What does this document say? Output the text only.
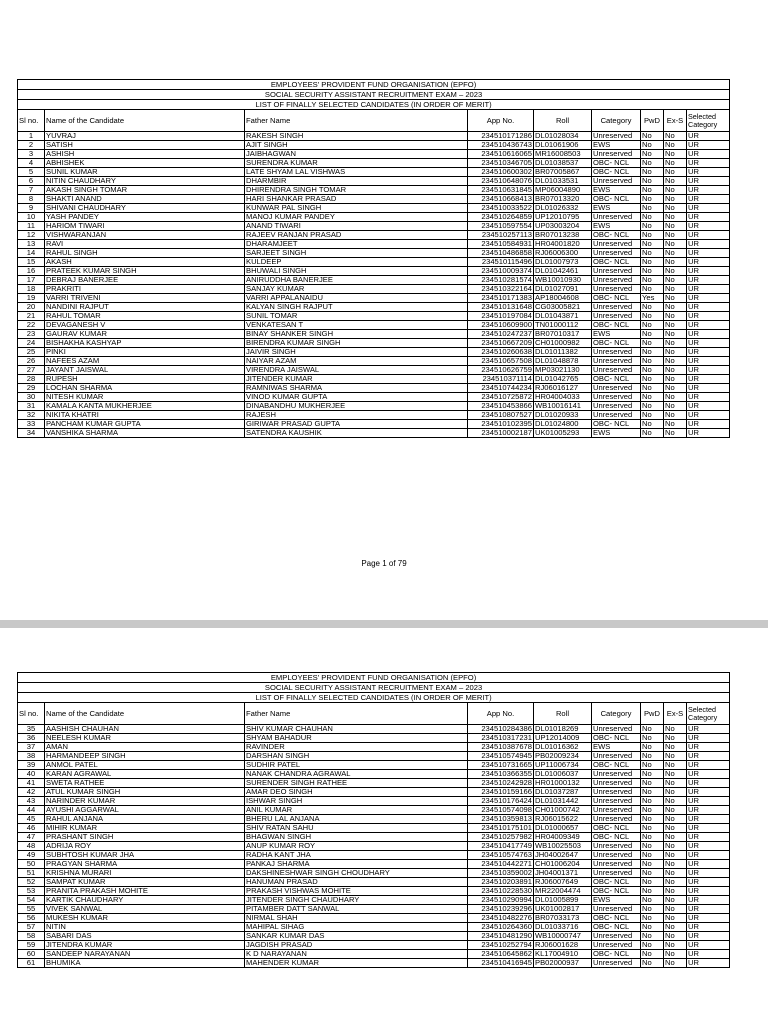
EMPLOYEES' PROVIDENT FUND ORGANISATION (EPFO)								
SOCIAL SECURITY ASSISTANT RECRUITMENT EXAM – 2023								
LIST OF FINALLY SELECTED CANDIDATES (IN ORDER OF MERIT)								
Sl no.	Name of the Candidate	Father Name	App No.	Roll	Category	PwD	Ex-S	Selected Category
1	YUVRAJ	RAKESH SINGH	234510171286	DL01028034	Unreserved	No	No	UR
2	SATISH	AJIT SINGH	234510436743	DL01061906	EWS	No	No	UR
3	ASHISH	JAIBHAGWAN	234510616065	MR16008503	Unreserved	No	No	UR
4	ABHISHEK	SURENDRA KUMAR	234510346705	DL01038537	OBC- NCL	No	No	UR
5	SUNIL KUMAR	LATE SHYAM LAL VISHWAS	234510600302	BR07005867	OBC- NCL	No	No	UR
6	NITIN CHAUDHARY	DHARMBIR	234510648076	DL01033531	Unreserved	No	No	UR
7	AKASH SINGH TOMAR	DHIRENDRA SINGH TOMAR	234510631845	MP06004890	EWS	No	No	UR
8	SHAKTI ANAND	HARI SHANKAR PRASAD	234510668413	BR07013320	OBC- NCL	No	No	UR
9	SHIVANI CHAUDHARY	KUNWAR PAL SINGH	234510033522	DL01026332	EWS	No	No	UR
10	YASH PANDEY	MANOJ KUMAR PANDEY	234510264859	UP12010795	Unreserved	No	No	UR
11	HARIOM TIWARI	ANAND TIWARI	234510597554	UP03003204	EWS	No	No	UR
12	VISHWARANJAN	RAJEEV RANJAN PRASAD	234510257113	BR07013238	OBC- NCL	No	No	UR
13	RAVI	DHARAMJEET	234510584931	HR04001820	Unreserved	No	No	UR
14	RAHUL SINGH	SARJEET SINGH	234510486858	RJ06006300	Unreserved	No	No	UR
15	AKASH	KULDEEP	234510115496	DL01007973	OBC- NCL	No	No	UR
16	PRATEEK KUMAR SINGH	BHUWALI SINGH	234510009374	DL01042461	Unreserved	No	No	UR
17	DEBRAJ BANERJEE	ANIRUDDHA BANERJEE	234510281574	WB10010930	Unreserved	No	No	UR
18	PRAKRITI	SANJAY KUMAR	234510322164	DL01027091	Unreserved	No	No	UR
19	VARRI TRIVENI	VARRI APPALANAIDU	234510171383	AP18004608	OBC- NCL	Yes	No	UR
20	NANDINI RAJPUT	KALYAN SINGH RAJPUT	234510131648	CG03005821	Unreserved	No	No	UR
21	RAHUL TOMAR	SUNIL TOMAR	234510197084	DL01043871	Unreserved	No	No	UR
22	DEVAGANESH V	VENKATESAN T	234510609900	TN01000112	OBC- NCL	No	No	UR
23	GAURAV KUMAR	BINAY SHANKER SINGH	234510247237	BR07010317	EWS	No	No	UR
24	BISHAKHA KASHYAP	BIRENDRA KUMAR SINGH	234510667209	CH01000982	OBC- NCL	No	No	UR
25	PINKI	JAIVIR SINGH	234510260638	DL01011382	Unreserved	No	No	UR
26	NAFEES AZAM	NAIYAR AZAM	234510657508	DL01048878	Unreserved	No	No	UR
27	JAYANT JAISWAL	VIRENDRA JAISWAL	234510626759	MP03021130	Unreserved	No	No	UR
28	RUPESH	JITENDER KUMAR	234510371114	DL01042765	OBC- NCL	No	No	UR
29	LOCHAN SHARMA	RAMNIWAS SHARMA	234510744234	RJ06016127	Unreserved	No	No	UR
30	NITESH KUMAR	VINOD KUMAR GUPTA	234510725872	HR04004033	Unreserved	No	No	UR
31	KAMALA KANTA MUKHERJEE	DINABANDHU MUKHERJEE	234510453866	WB10016141	Unreserved	No	No	UR
32	NIKITA KHATRI	RAJESH	234510807527	DL01020933	Unreserved	No	No	UR
33	PANCHAM KUMAR GUPTA	GIRIWAR PRASAD GUPTA	234510102395	DL01024800	OBC- NCL	No	No	UR
34	VANSHIKA SHARMA	SATENDRA KAUSHIK	234510002187	UK01005293	EWS	No	No	UR
Page 1 of 79
EMPLOYEES' PROVIDENT FUND ORGANISATION (EPFO)								
SOCIAL SECURITY ASSISTANT RECRUITMENT EXAM – 2023								
LIST OF FINALLY SELECTED CANDIDATES (IN ORDER OF MERIT)								
Sl no.	Name of the Candidate	Father Name	App No.	Roll	Category	PwD	Ex-S	Selected Category
35	AASHISH CHAUHAN	SHIV KUMAR CHAUHAN	234510284386	DL01018269	Unreserved	No	No	UR
36	NEELESH KUMAR	SHYAM BAHADUR	234510317231	UP12014009	OBC- NCL	No	No	UR
37	AMAN	RAVINDER	234510387678	DL01016362	EWS	No	No	UR
38	HARMANDEEP SINGH	DARSHAN SINGH	234510574945	PB02009234	Unreserved	No	No	UR
39	ANMOL PATEL	SUDHIR PATEL	234510731665	UP11006734	OBC- NCL	No	No	UR
40	KARAN AGRAWAL	NANAK CHANDRA AGRAWAL	234510366355	DL01006037	Unreserved	No	No	UR
41	SWETA RATHEE	SURENDER SINGH RATHEE	234510242928	HR01000132	Unreserved	No	No	UR
42	ATUL KUMAR SINGH	AMAR DEO SINGH	234510159166	DL01037287	Unreserved	No	No	UR
43	NARINDER KUMAR	ISHWAR SINGH	234510176424	DL01031442	Unreserved	No	No	UR
44	AYUSHI AGGARWAL	ANIL KUMAR	234510574098	CH01000742	Unreserved	No	No	UR
45	RAHUL ANJANA	BHERU LAL ANJANA	234510359813	RJ06015622	Unreserved	No	No	UR
46	MIHIR KUMAR	SHIV RATAN SAHU	234510175101	DL01000657	OBC- NCL	No	No	UR
47	PRASHANT SINGH	BHAGWAN SINGH	234510257982	HR04009349	OBC- NCL	No	No	UR
48	ADRIJA ROY	ANUP KUMAR ROY	234510417749	WB10025503	Unreserved	No	No	UR
49	SUBHTOSH KUMAR JHA	RADHA KANT JHA	234510574763	JH04002647	Unreserved	No	No	UR
50	PRAGYAN SHARMA	PANKAJ SHARMA	234510442271	CH01006204	Unreserved	No	No	UR
51	KRISHNA MURARI	DAKSHINESHWAR SINGH CHOUDHARY	234510359002	JH04001371	Unreserved	No	No	UR
52	SAMPAT KUMAR	HANUMAN PRASAD	234510203891	RJ06007649	OBC- NCL	No	No	UR
53	PRANITA PRAKASH MOHITE	PRAKASH VISHWAS MOHITE	234510228530	MR22004474	OBC- NCL	No	No	UR
54	KARTIK CHAUDHARY	JITENDER SINGH CHAUDHARY	234510290994	DL01005899	EWS	No	No	UR
55	VIVEK SANWAL	PITAMBER DATT SANWAL	234510239296	UK01002817	Unreserved	No	No	UR
56	MUKESH KUMAR	NIRMAL SHAH	234510482276	BR07033173	OBC- NCL	No	No	UR
57	NITIN	MAHIPAL SIHAG	234510264360	DL01033716	OBC- NCL	No	No	UR
58	SABARI DAS	SANKAR KUMAR DAS	234510481290	WB10000747	Unreserved	No	No	UR
59	JITENDRA KUMAR	JAGDISH PRASAD	234510252794	RJ06001628	Unreserved	No	No	UR
60	SANDEEP NARAYANAN	K D NARAYANAN	234510645862	KL17004910	OBC- NCL	No	No	UR
61	BHUMIKA	MAHENDER KUMAR	234510416945	PB02000937	Unreserved	No	No	UR
